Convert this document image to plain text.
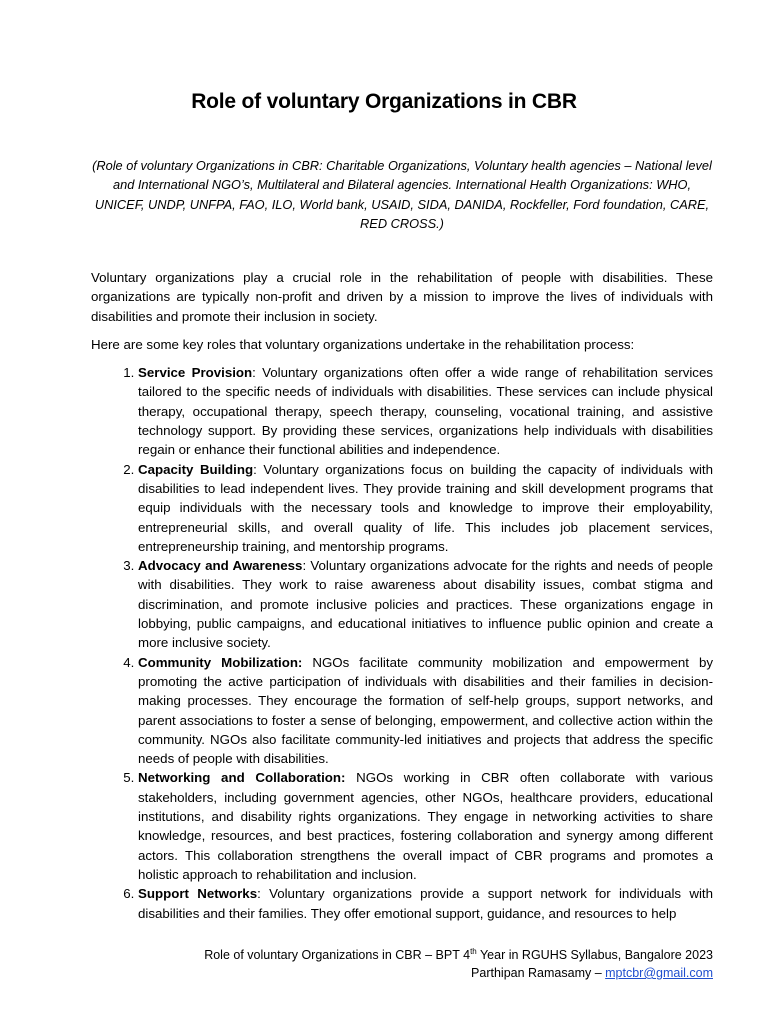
Role of voluntary Organizations in CBR

(Role of voluntary Organizations in CBR: Charitable Organizations, Voluntary health agencies – National level and International NGO’s, Multilateral and Bilateral agencies. International Health Organizations: WHO, UNICEF, UNDP, UNFPA, FAO, ILO, World bank, USAID, SIDA, DANIDA, Rockfeller, Ford foundation, CARE, RED CROSS.)

Voluntary organizations play a crucial role in the rehabilitation of people with disabilities. These organizations are typically non-profit and driven by a mission to improve the lives of individuals with disabilities and promote their inclusion in society.

Here are some key roles that voluntary organizations undertake in the rehabilitation process:

1. Service Provision: Voluntary organizations often offer a wide range of rehabilitation services tailored to the specific needs of individuals with disabilities. These services can include physical therapy, occupational therapy, speech therapy, counseling, vocational training, and assistive technology support. By providing these services, organizations help individuals with disabilities regain or enhance their functional abilities and independence.
2. Capacity Building: Voluntary organizations focus on building the capacity of individuals with disabilities to lead independent lives. They provide training and skill development programs that equip individuals with the necessary tools and knowledge to improve their employability, entrepreneurial skills, and overall quality of life. This includes job placement services, entrepreneurship training, and mentorship programs.
3. Advocacy and Awareness: Voluntary organizations advocate for the rights and needs of people with disabilities. They work to raise awareness about disability issues, combat stigma and discrimination, and promote inclusive policies and practices. These organizations engage in lobbying, public campaigns, and educational initiatives to influence public opinion and create a more inclusive society.
4. Community Mobilization: NGOs facilitate community mobilization and empowerment by promoting the active participation of individuals with disabilities and their families in decision-making processes. They encourage the formation of self-help groups, support networks, and parent associations to foster a sense of belonging, empowerment, and collective action within the community. NGOs also facilitate community-led initiatives and projects that address the specific needs of people with disabilities.
5. Networking and Collaboration: NGOs working in CBR often collaborate with various stakeholders, including government agencies, other NGOs, healthcare providers, educational institutions, and disability rights organizations. They engage in networking activities to share knowledge, resources, and best practices, fostering collaboration and synergy among different actors. This collaboration strengthens the overall impact of CBR programs and promotes a holistic approach to rehabilitation and inclusion.
6. Support Networks: Voluntary organizations provide a support network for individuals with disabilities and their families. They offer emotional support, guidance, and resources to help
Role of voluntary Organizations in CBR – BPT 4th Year in RGUHS Syllabus, Bangalore 2023
Parthipan Ramasamy – mptcbr@gmail.com
